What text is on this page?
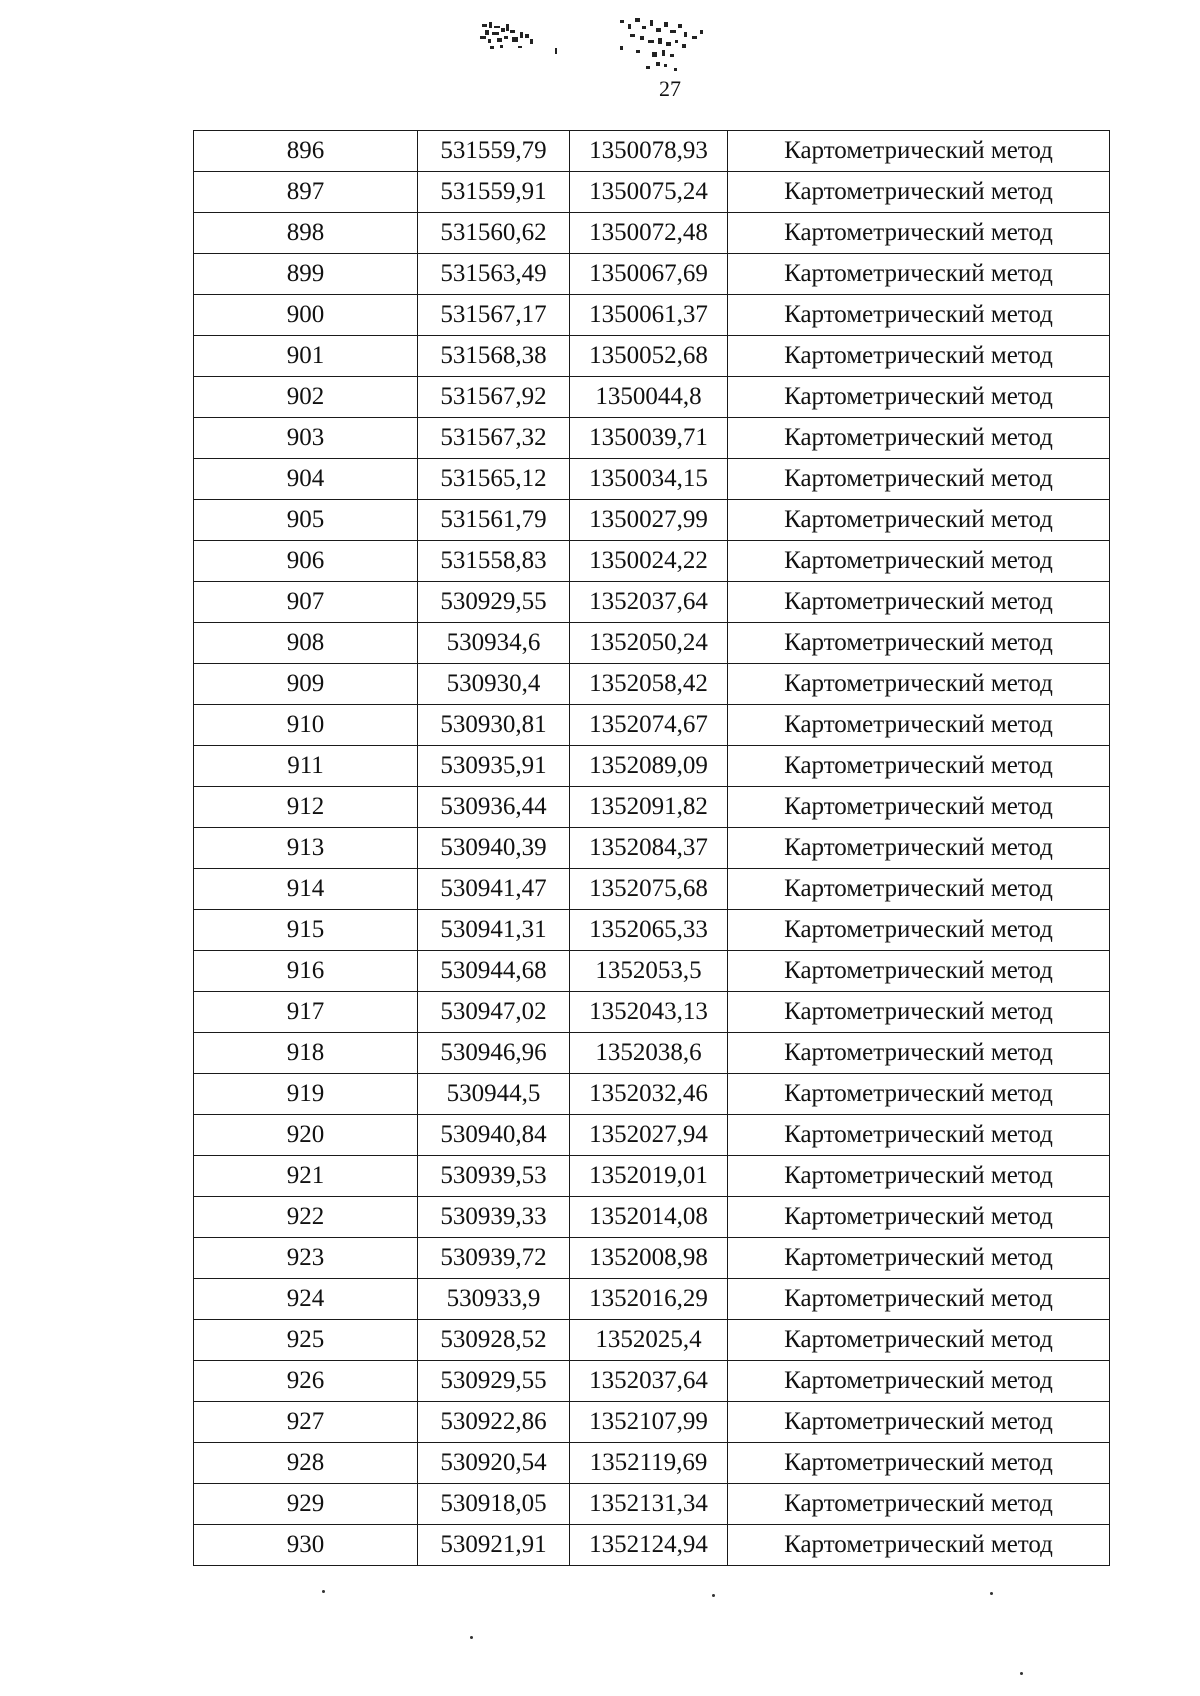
27
896	531559,79	1350078,93	Картометрический метод
897	531559,91	1350075,24	Картометрический метод
898	531560,62	1350072,48	Картометрический метод
899	531563,49	1350067,69	Картометрический метод
900	531567,17	1350061,37	Картометрический метод
901	531568,38	1350052,68	Картометрический метод
902	531567,92	1350044,8	Картометрический метод
903	531567,32	1350039,71	Картометрический метод
904	531565,12	1350034,15	Картометрический метод
905	531561,79	1350027,99	Картометрический метод
906	531558,83	1350024,22	Картометрический метод
907	530929,55	1352037,64	Картометрический метод
908	530934,6	1352050,24	Картометрический метод
909	530930,4	1352058,42	Картометрический метод
910	530930,81	1352074,67	Картометрический метод
911	530935,91	1352089,09	Картометрический метод
912	530936,44	1352091,82	Картометрический метод
913	530940,39	1352084,37	Картометрический метод
914	530941,47	1352075,68	Картометрический метод
915	530941,31	1352065,33	Картометрический метод
916	530944,68	1352053,5	Картометрический метод
917	530947,02	1352043,13	Картометрический метод
918	530946,96	1352038,6	Картометрический метод
919	530944,5	1352032,46	Картометрический метод
920	530940,84	1352027,94	Картометрический метод
921	530939,53	1352019,01	Картометрический метод
922	530939,33	1352014,08	Картометрический метод
923	530939,72	1352008,98	Картометрический метод
924	530933,9	1352016,29	Картометрический метод
925	530928,52	1352025,4	Картометрический метод
926	530929,55	1352037,64	Картометрический метод
927	530922,86	1352107,99	Картометрический метод
928	530920,54	1352119,69	Картометрический метод
929	530918,05	1352131,34	Картометрический метод
930	530921,91	1352124,94	Картометрический метод
